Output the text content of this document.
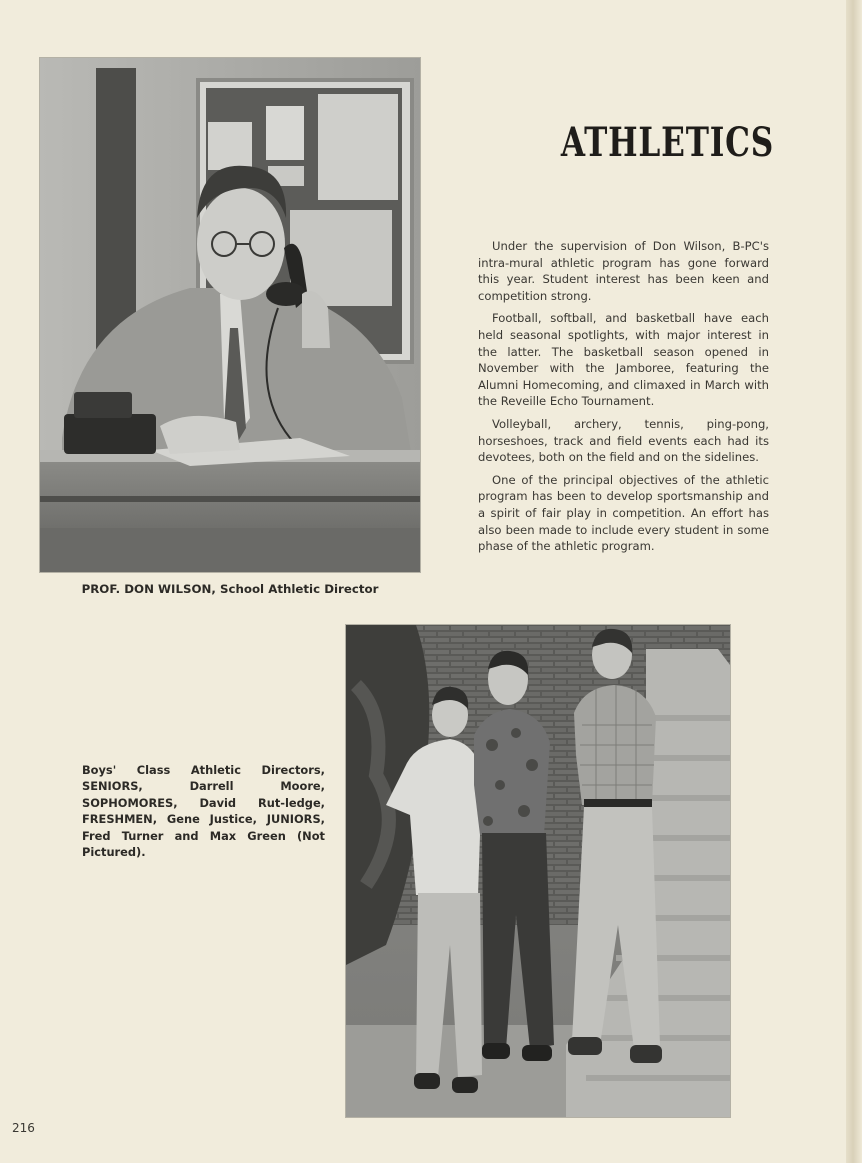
ATHLETICS

Under the supervision of Don Wilson, B-PC's intra-mural athletic program has gone forward this year. Student interest has been keen and competition strong.

Football, softball, and basketball have each held seasonal spotlights, with major interest in the latter. The basketball season opened in November with the Jamboree, featuring the Alumni Homecoming, and climaxed in March with the Reveille Echo Tournament.

Volleyball, archery, tennis, ping-pong, horseshoes, track and field events each had its devotees, both on the field and on the sidelines.

One of the principal objectives of the athletic program has been to develop sportsmanship and a spirit of fair play in competition. An effort has also been made to include every student in some phase of the athletic program.

PROF. DON WILSON, School Athletic Director
Boys' Class Athletic Directors, SENIORS, Darrell Moore, SOPHOMORES, David Rut-ledge, FRESHMEN, Gene Justice, JUNIORS, Fred Turner and Max Green (Not Pictured).
216
